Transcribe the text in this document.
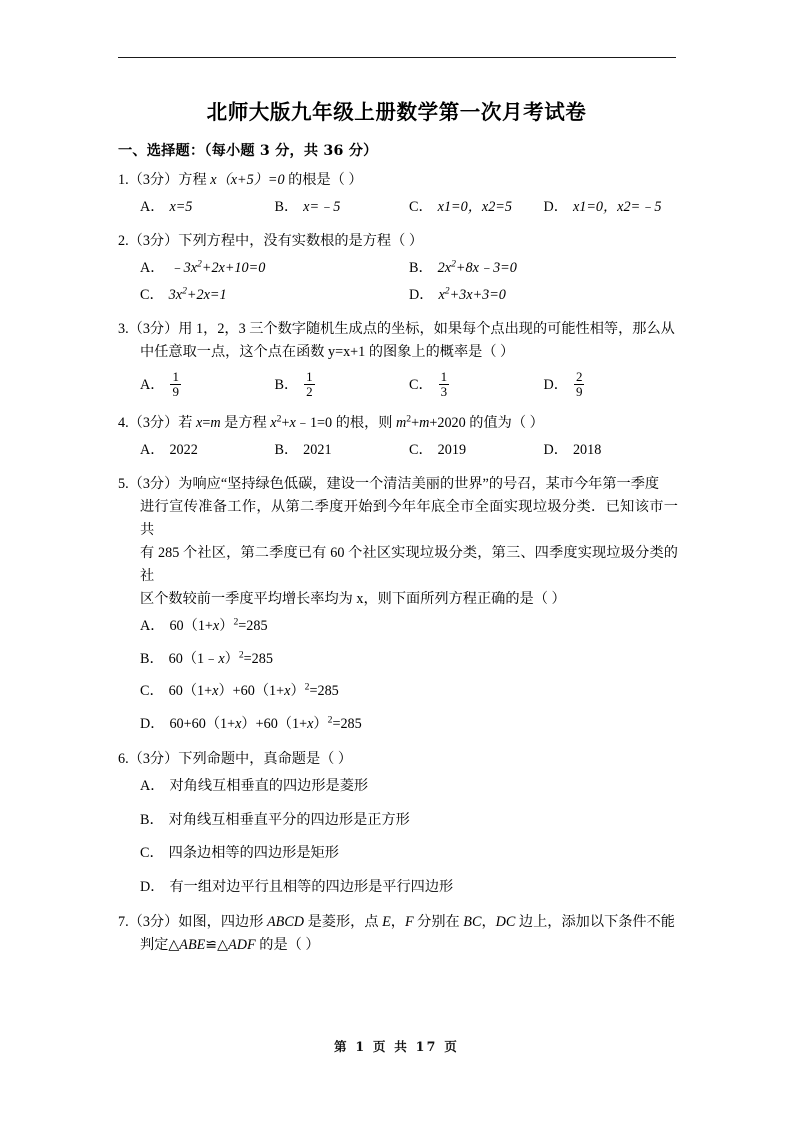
北师大版九年级上册数学第一次月考试卷
一、选择题：（每小题 3 分，共 36 分）
1.（3分）方程 x（x+5）=0 的根是（ ）
A． x=5	B． x=﹣5	C． x1=0，x2=5	D． x1=0，x2=﹣5
2.（3分）下列方程中，没有实数根的是方程（ ）
A． $﹣3x^2+2x+10=0$	B． $2x^2+8x﹣3=0$
C． $3x^2+2x=1$	D． $x^2+3x+3=0$
3.（3分）用 1，2，3 三个数字随机生成点的坐标，如果每个点出现的可能性相等，那么从
中任意取一点，这个点在函数 y=x+1 的图象上的概率是（ ）
A． $\frac{1}{9}$	B． $\frac{1}{2}$	C． $\frac{1}{3}$	D． $\frac{2}{9}$
4.（3分）若 x=m 是方程 $x^2+x﹣1=0$ 的根，则 $m^2+m+2020$ 的值为（ ）
A． 2022	B． 2021	C． 2019	D． 2018
5.（3分）为响应“坚持绿色低碳，建设一个清洁美丽的世界”的号召，某市今年第一季度
进行宣传准备工作，从第二季度开始到今年年底全市全面实现垃圾分类．已知该市一共
有 285 个社区，第二季度已有 60 个社区实现垃圾分类，第三、四季度实现垃圾分类的社
区个数较前一季度平均增长率均为 x，则下面所列方程正确的是（ ）
A． $60(1+x)^2=285$
B． 60（1﹣x）$^2$=285
C． $60(1+x)+60(1+x)^2=285$
D． $60+60(1+x)+60(1+x)^2=285$
6.（3分）下列命题中，真命题是（ ）
A． 对角线互相垂直的四边形是菱形
B． 对角线互相垂直平分的四边形是正方形
C． 四条边相等的四边形是矩形
D． 有一组对边平行且相等的四边形是平行四边形
7.（3分）如图，四边形 ABCD 是菱形，点 E，F 分别在 BC，DC 边上，添加以下条件不能
判定△ABE≌△ADF 的是（ ）
第 1 页 共 17 页
